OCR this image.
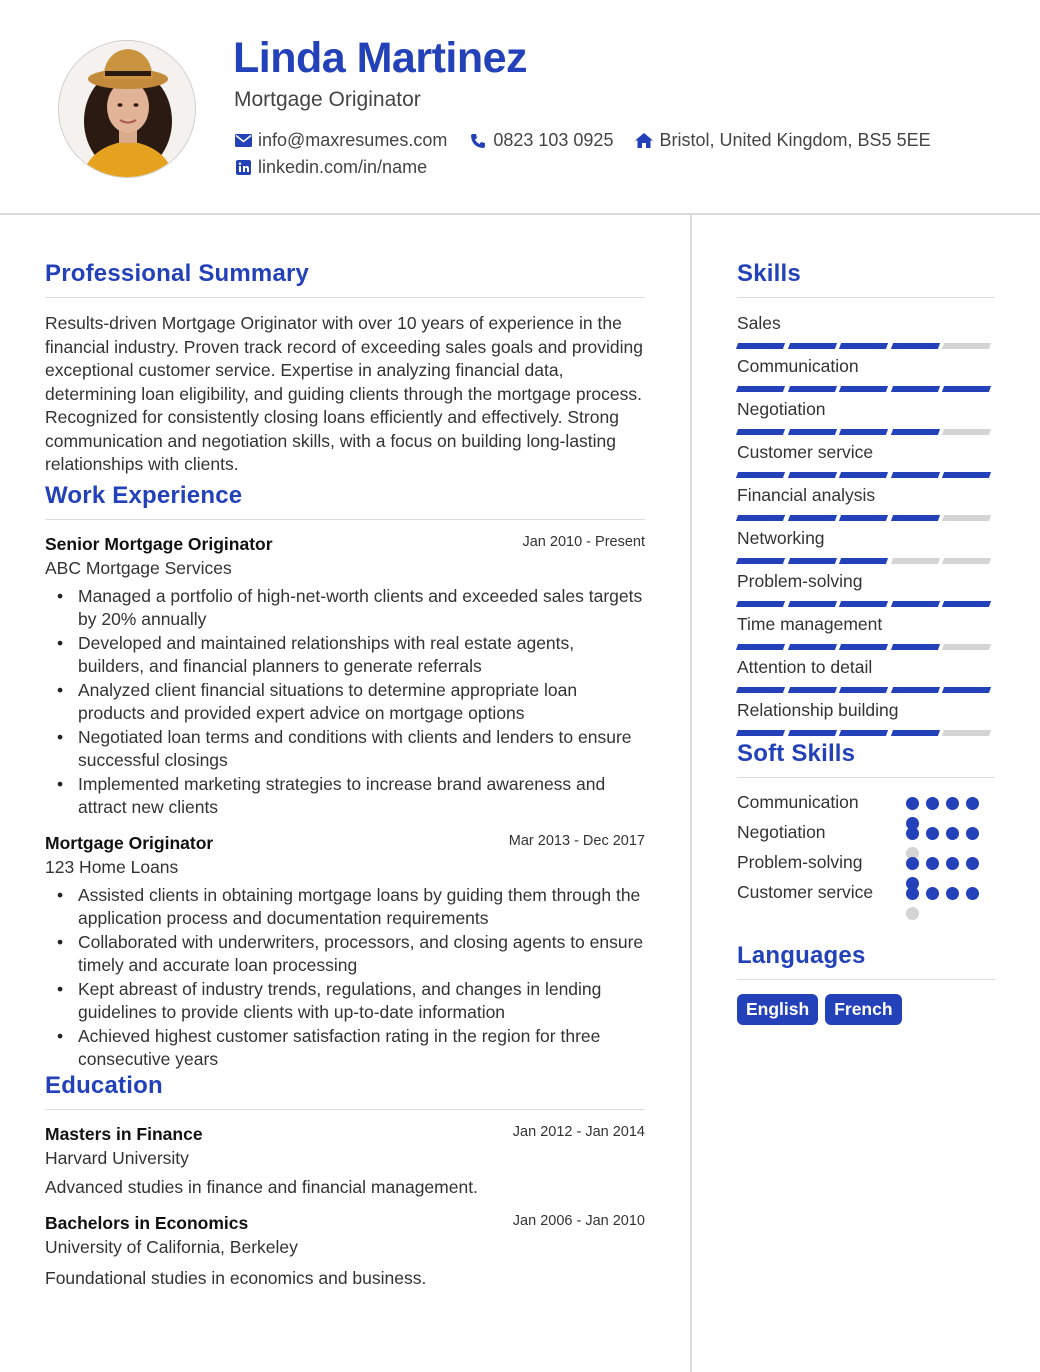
Linda Martinez
Mortgage Originator
info@maxresumes.com	0823 103 0925	Bristol, United Kingdom, BS5 5EE
linkedin.com/in/name
Professional Summary
Results-driven Mortgage Originator with over 10 years of experience in the financial industry. Proven track record of exceeding sales goals and providing exceptional customer service. Expertise in analyzing financial data, determining loan eligibility, and guiding clients through the mortgage process. Recognized for consistently closing loans efficiently and effectively. Strong communication and negotiation skills, with a focus on building long-lasting relationships with clients.
Work Experience
Senior Mortgage Originator	Jan 2010 - Present
ABC Mortgage Services
• Managed a portfolio of high-net-worth clients and exceeded sales targets by 20% annually
• Developed and maintained relationships with real estate agents, builders, and financial planners to generate referrals
• Analyzed client financial situations to determine appropriate loan products and provided expert advice on mortgage options
• Negotiated loan terms and conditions with clients and lenders to ensure successful closings
• Implemented marketing strategies to increase brand awareness and attract new clients
Mortgage Originator	Mar 2013 - Dec 2017
123 Home Loans
• Assisted clients in obtaining mortgage loans by guiding them through the application process and documentation requirements
• Collaborated with underwriters, processors, and closing agents to ensure timely and accurate loan processing
• Kept abreast of industry trends, regulations, and changes in lending guidelines to provide clients with up-to-date information
• Achieved highest customer satisfaction rating in the region for three consecutive years
Education
Masters in Finance	Jan 2012 - Jan 2014
Harvard University
Advanced studies in finance and financial management.
Bachelors in Economics	Jan 2006 - Jan 2010
University of California, Berkeley
Foundational studies in economics and business.
Skills
Sales
Communication
Negotiation
Customer service
Financial analysis
Networking
Problem-solving
Time management
Attention to detail
Relationship building
Soft Skills
Communication
Negotiation
Problem-solving
Customer service
Languages
English	French
